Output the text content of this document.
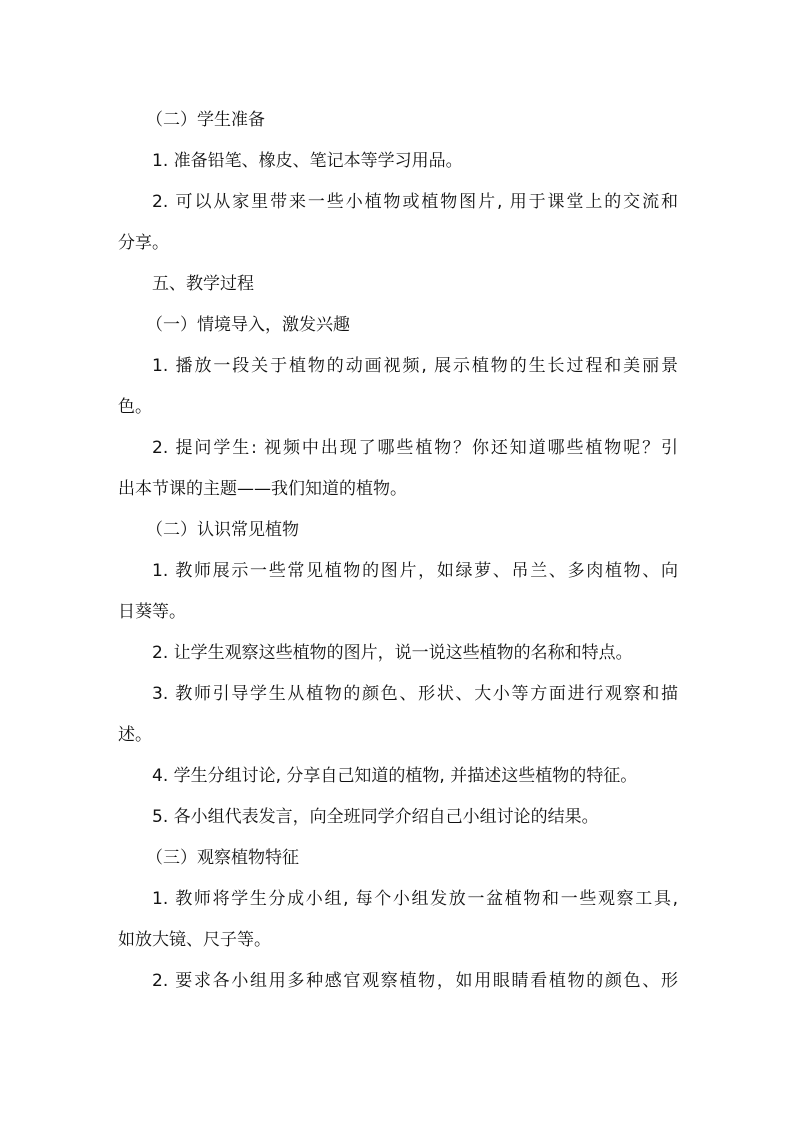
（二）学生准备
1. 准备铅笔、橡皮、笔记本等学习用品。
2. 可以从家里带来一些小植物或植物图片, 用于课堂上的交流和
分享。
五、教学过程
（一）情境导入，激发兴趣
1. 播放一段关于植物的动画视频, 展示植物的生长过程和美丽景
色。
2. 提问学生: 视频中出现了哪些植物？你还知道哪些植物呢？引
出本节课的主题——我们知道的植物。
（二）认识常见植物
1. 教师展示一些常见植物的图片，如绿萝、吊兰、多肉植物、向
日葵等。
2. 让学生观察这些植物的图片，说一说这些植物的名称和特点。
3. 教师引导学生从植物的颜色、形状、大小等方面进行观察和描
述。
4. 学生分组讨论, 分享自己知道的植物, 并描述这些植物的特征。
5. 各小组代表发言，向全班同学介绍自己小组讨论的结果。
（三）观察植物特征
1. 教师将学生分成小组, 每个小组发放一盆植物和一些观察工具,
如放大镜、尺子等。
2. 要求各小组用多种感官观察植物，如用眼睛看植物的颜色、形
